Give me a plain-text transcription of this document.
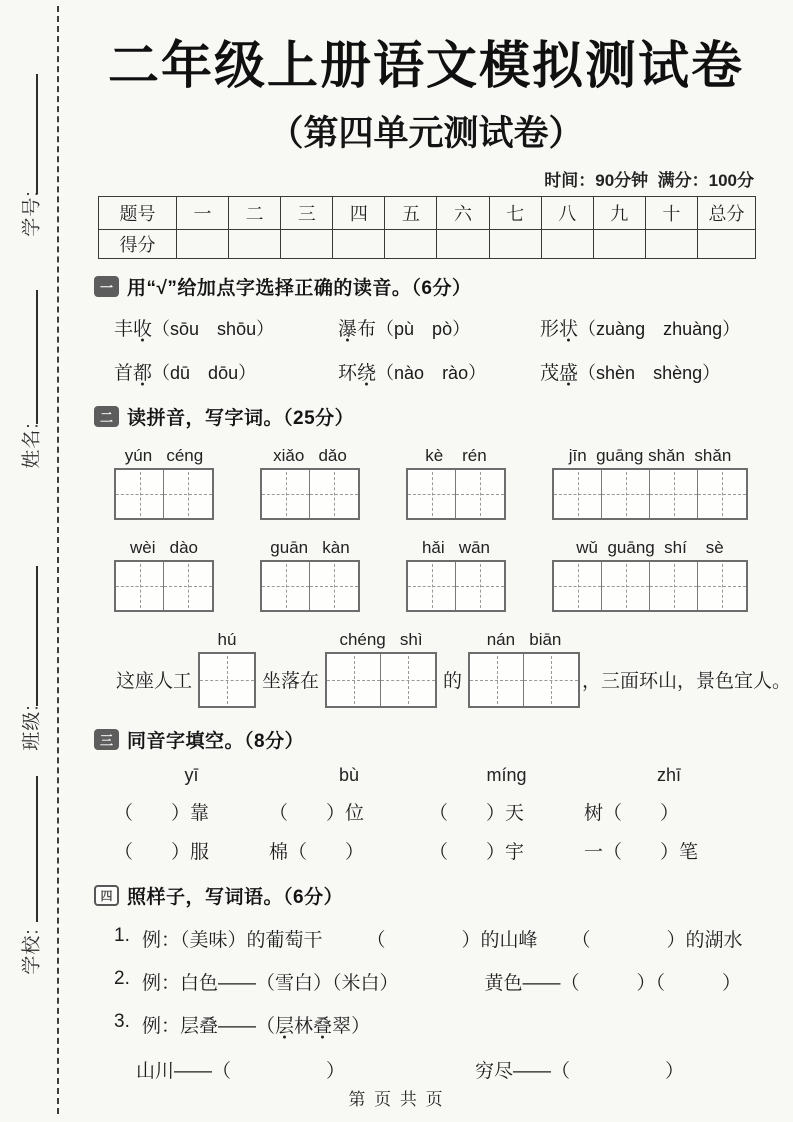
学号:
姓名:
班级:
学校:
二年级上册语文模拟测试卷
（第四单元测试卷）
时间：90分钟  满分：100分
题号	一	二	三	四	五	六	七	八	九	十	总分
得分											
一 用“√”给加点字选择正确的读音。（6分）
丰收 ●（sōu　shōu）	瀑 ●布（pù　pò）	形状 ●（zuàng　zhuàng）
首都 ●（dū　dōu）	环绕 ●（nào　rào）	茂盛 ●（shèn　shèng）
二 读拼音，写字词。（25分）
yún   céng	xiǎo   dǎo	kè    rén	jīn  guāng shǎn  shǎn
wèi   dào	guān   kàn	hǎi   wān	wǔ  guāng  shí    sè
这座人工
hú
坐落在
chéng   shì
的
nán   biān
，三面环山，景色宜人。
三 同音字填空。（8分）
yī	bù	míng	zhī
（　　）靠	（　　）位	（　　）天	树（　　）
（　　）服	棉（　　）	（　　）宇	一（　　）笔
四 照样子，写词语。（6分）
1. 例：（美味）的葡萄干 （　　　　）的山峰 （　　　　）的湖水
2. 例：白色——（雪白）（米白）	黄色——（　　　）（　　　）
3. 例：层叠——（层 ●林叠 ●翠）
山川——（　　　　　）	穷尽——（　　　　　）
第 页 共 页
